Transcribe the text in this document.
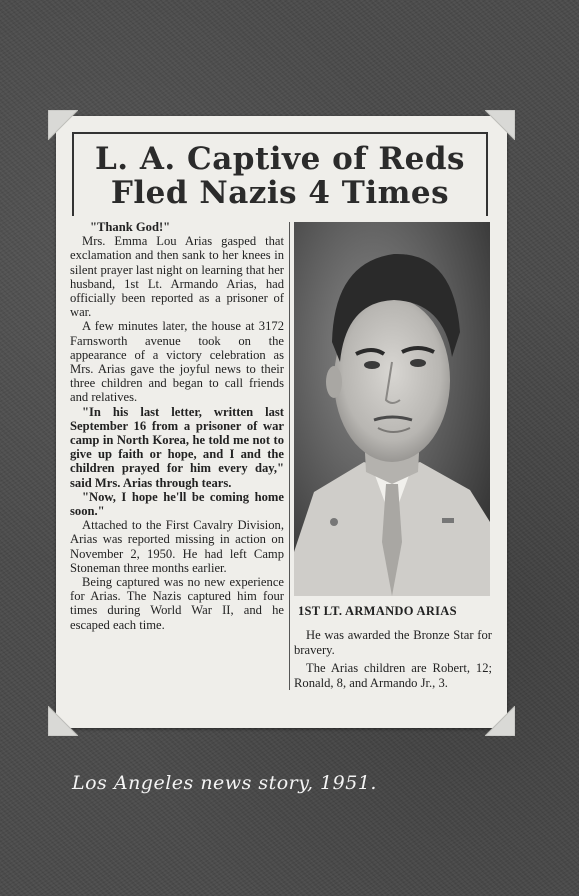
L. A. Captive of Reds
Fled Nazis 4 Times

"Thank God!"

Mrs. Emma Lou Arias gasped that exclamation and then sank to her knees in silent prayer last night on learning that her husband, 1st Lt. Armando Arias, had officially been reported as a prisoner of war.

A few minutes later, the house at 3172 Farnsworth avenue took on the appearance of a victory celebration as Mrs. Arias gave the joyful news to their three children and began to call friends and relatives.

"In his last letter, written last September 16 from a prisoner of war camp in North Korea, he told me not to give up faith or hope, and I and the children prayed for him every day," said Mrs. Arias through tears.

"Now, I hope he'll be coming home soon."

Attached to the First Cavalry Division, Arias was reported missing in action on November 2, 1950. He had left Camp Stoneman three months earlier.

Being captured was no new experience for Arias. The Nazis captured him four times during World War II, and he escaped each time.

1ST LT. ARMANDO ARIAS

He was awarded the Bronze Star for bravery.

The Arias children are Robert, 12; Ronald, 8, and Armando Jr., 3.

Los Angeles news story, 1951.
